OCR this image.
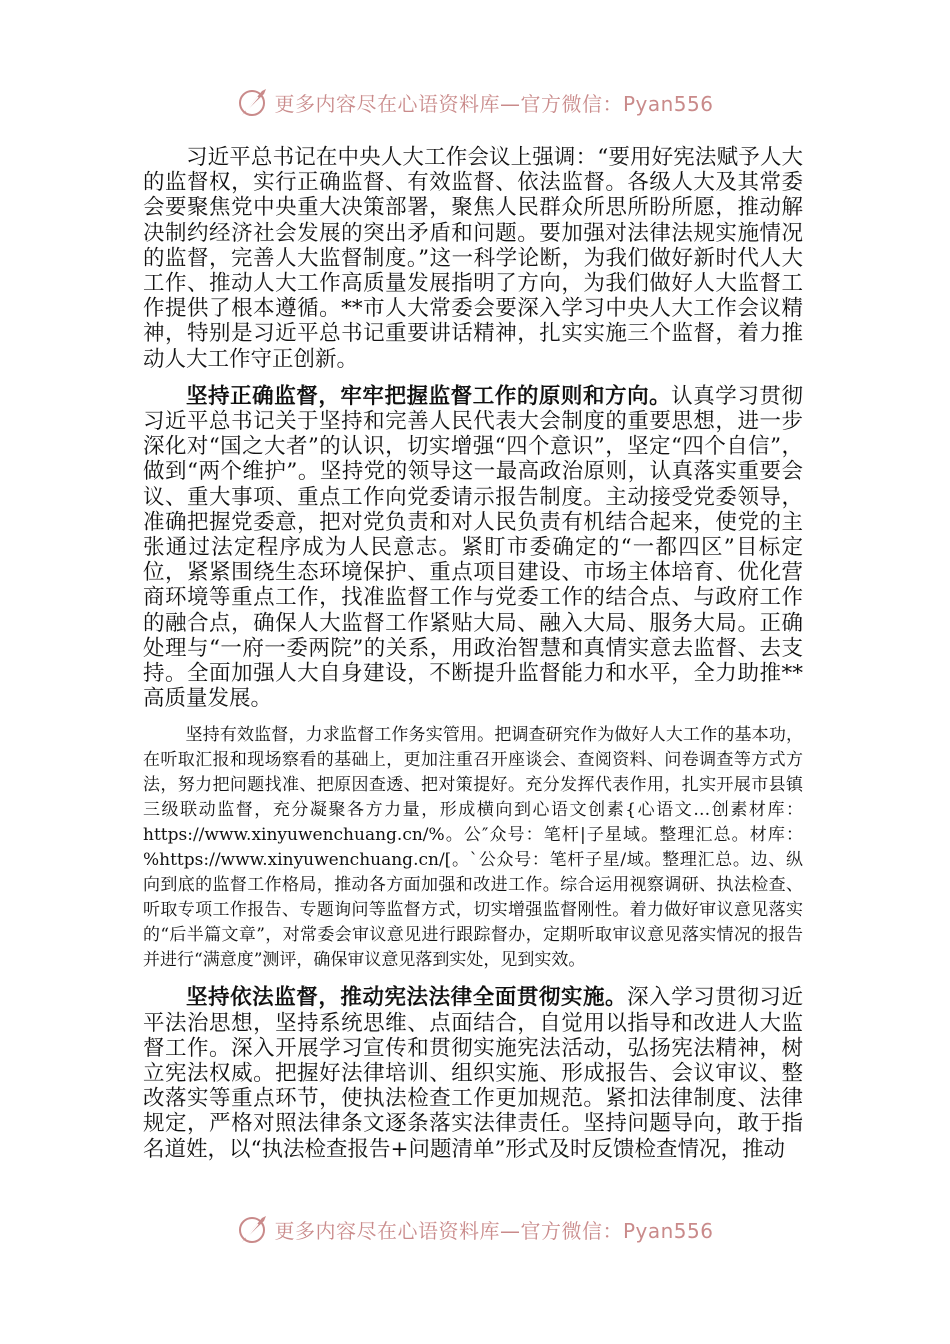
更多内容尽在心语资料库—官方微信：Pyan556

习近平总书记在中央人大工作会议上强调：“要用好宪法赋予人大的监督权，实行正确监督、有效监督、依法监督。各级人大及其常委会要聚焦党中央重大决策部署，聚焦人民群众所思所盼所愿，推动解决制约经济社会发展的突出矛盾和问题。要加强对法律法规实施情况的监督，完善人大监督制度。”这一科学论断，为我们做好新时代人大工作、推动人大工作高质量发展指明了方向，为我们做好人大监督工作提供了根本遵循。**市人大常委会要深入学习中央人大工作会议精神，特别是习近平总书记重要讲话精神，扎实实施三个监督，着力推动人大工作守正创新。

坚持正确监督，牢牢把握监督工作的原则和方向。认真学习贯彻习近平总书记关于坚持和完善人民代表大会制度的重要思想，进一步深化对“国之大者”的认识，切实增强“四个意识”，坚定“四个自信”，做到“两个维护”。坚持党的领导这一最高政治原则，认真落实重要会议、重大事项、重点工作向党委请示报告制度。主动接受党委领导，准确把握党委意，把对党负责和对人民负责有机结合起来，使党的主张通过法定程序成为人民意志。紧盯市委确定的“一都四区”目标定位，紧紧围绕生态环境保护、重点项目建设、市场主体培育、优化营商环境等重点工作，找准监督工作与党委工作的结合点、与政府工作的融合点，确保人大监督工作紧贴大局、融入大局、服务大局。正确处理与“一府一委两院”的关系，用政治智慧和真情实意去监督、去支持。全面加强人大自身建设，不断提升监督能力和水平，全力助推**高质量发展。

坚持有效监督，力求监督工作务实管用。把调查研究作为做好人大工作的基本功，在听取汇报和现场察看的基础上，更加注重召开座谈会、查阅资料、问卷调查等方式方法，努力把问题找准、把原因查透、把对策提好。充分发挥代表作用，扎实开展市县镇三级联动监督，充分凝聚各方力量，形成横向到心语文创素{心语文…创素材库：https://www.xinyuwenchuang.cn/%。公″众号：笔杆|子星域。整理汇总。材库：%https://www.xinyuwenchuang.cn/[。`公众号：笔杆子星/域。整理汇总。边、纵向到底的监督工作格局，推动各方面加强和改进工作。综合运用视察调研、执法检查、听取专项工作报告、专题询问等监督方式，切实增强监督刚性。着力做好审议意见落实的“后半篇文章”，对常委会审议意见进行跟踪督办，定期听取审议意见落实情况的报告并进行“满意度”测评，确保审议意见落到实处，见到实效。

坚持依法监督，推动宪法法律全面贯彻实施。深入学习贯彻习近平法治思想，坚持系统思维、点面结合，自觉用以指导和改进人大监督工作。深入开展学习宣传和贯彻实施宪法活动，弘扬宪法精神，树立宪法权威。把握好法律培训、组织实施、形成报告、会议审议、整改落实等重点环节，使执法检查工作更加规范。紧扣法律制度、法律规定，严格对照法律条文逐条落实法律责任。坚持问题导向，敢于指名道姓，以“执法检查报告+问题清单”形式及时反馈检查情况，推动

更多内容尽在心语资料库—官方微信：Pyan556
